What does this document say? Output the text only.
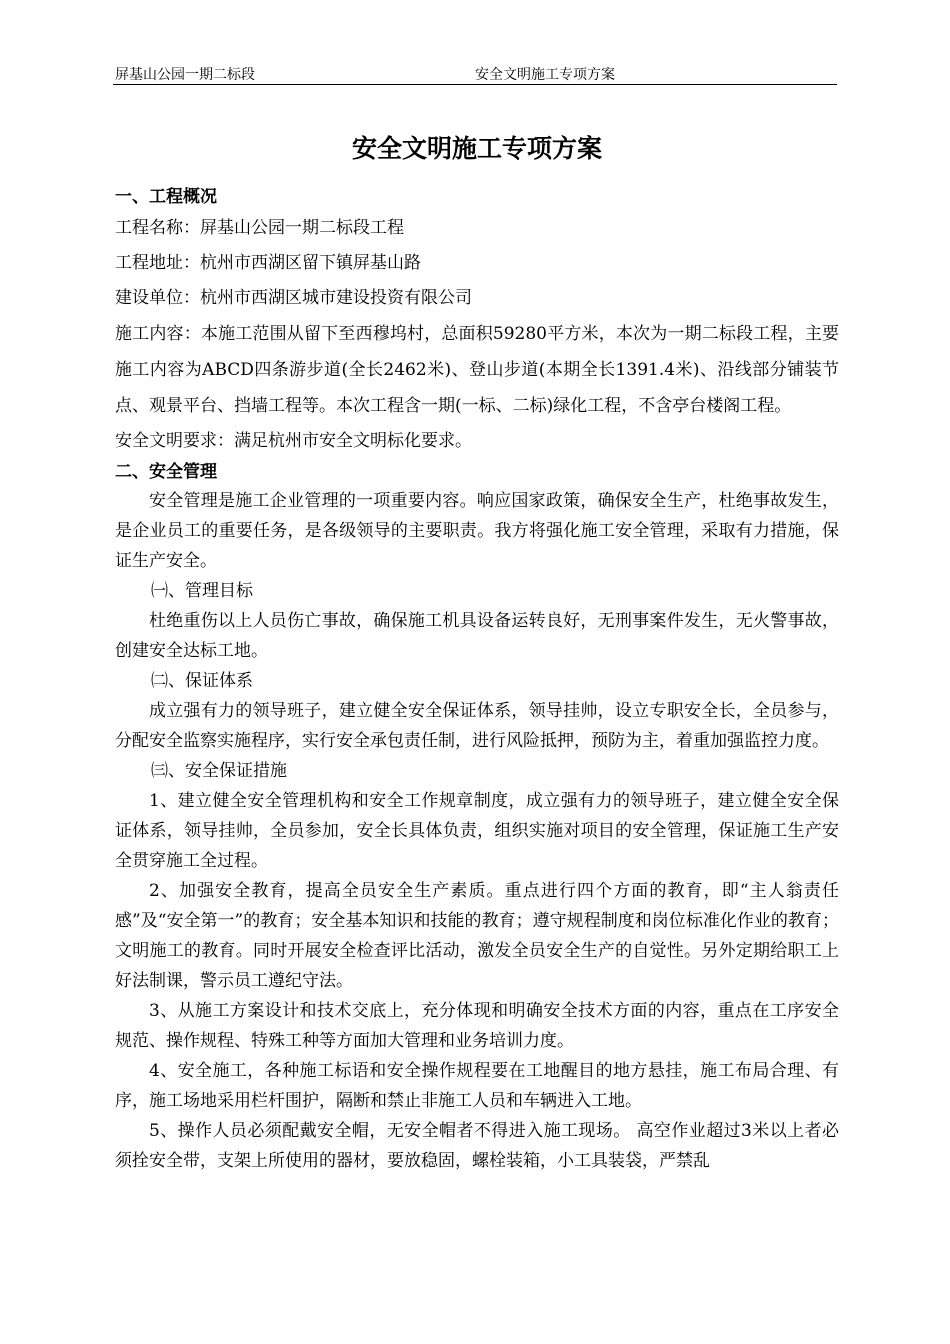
屏基山公园一期二标段	安全文明施工专项方案
安全文明施工专项方案

一、工程概况

工程名称：屏基山公园一期二标段工程

工程地址：杭州市西湖区留下镇屏基山路

建设单位：杭州市西湖区城市建设投资有限公司

施工内容：本施工范围从留下至西穆坞村，总面积59280平方米，本次为一期二标段工程，主要施工内容为ABCD四条游步道(全长2462米)、登山步道(本期全长1391.4米)、沿线部分铺装节点、观景平台、挡墙工程等。本次工程含一期(一标、二标)绿化工程，不含亭台楼阁工程。

安全文明要求：满足杭州市安全文明标化要求。

二、安全管理

安全管理是施工企业管理的一项重要内容。响应国家政策，确保安全生产，杜绝事故发生，是企业员工的重要任务，是各级领导的主要职责。我方将强化施工安全管理，采取有力措施，保证生产安全。

㈠、管理目标

杜绝重伤以上人员伤亡事故，确保施工机具设备运转良好，无刑事案件发生，无火警事故，创建安全达标工地。

㈡、保证体系

成立强有力的领导班子，建立健全安全保证体系，领导挂帅，设立专职安全长，全员参与，分配安全监察实施程序，实行安全承包责任制，进行风险抵押，预防为主，着重加强监控力度。

㈢、安全保证措施

1、建立健全安全管理机构和安全工作规章制度，成立强有力的领导班子，建立健全安全保证体系，领导挂帅，全员参加，安全长具体负责，组织实施对项目的安全管理，保证施工生产安全贯穿施工全过程。

2、加强安全教育，提高全员安全生产素质。重点进行四个方面的教育，即“主人翁责任感”及“安全第一”的教育；安全基本知识和技能的教育；遵守规程制度和岗位标准化作业的教育；文明施工的教育。同时开展安全检查评比活动，激发全员安全生产的自觉性。另外定期给职工上好法制课，警示员工遵纪守法。

3、从施工方案设计和技术交底上，充分体现和明确安全技术方面的内容，重点在工序安全规范、操作规程、特殊工种等方面加大管理和业务培训力度。

4、安全施工，各种施工标语和安全操作规程要在工地醒目的地方悬挂，施工布局合理、有序，施工场地采用栏杆围护，隔断和禁止非施工人员和车辆进入工地。

5、操作人员必须配戴安全帽，无安全帽者不得进入施工现场。 高空作业超过3米以上者必须拴安全带，支架上所使用的器材，要放稳固，螺栓装箱，小工具装袋，严禁乱
